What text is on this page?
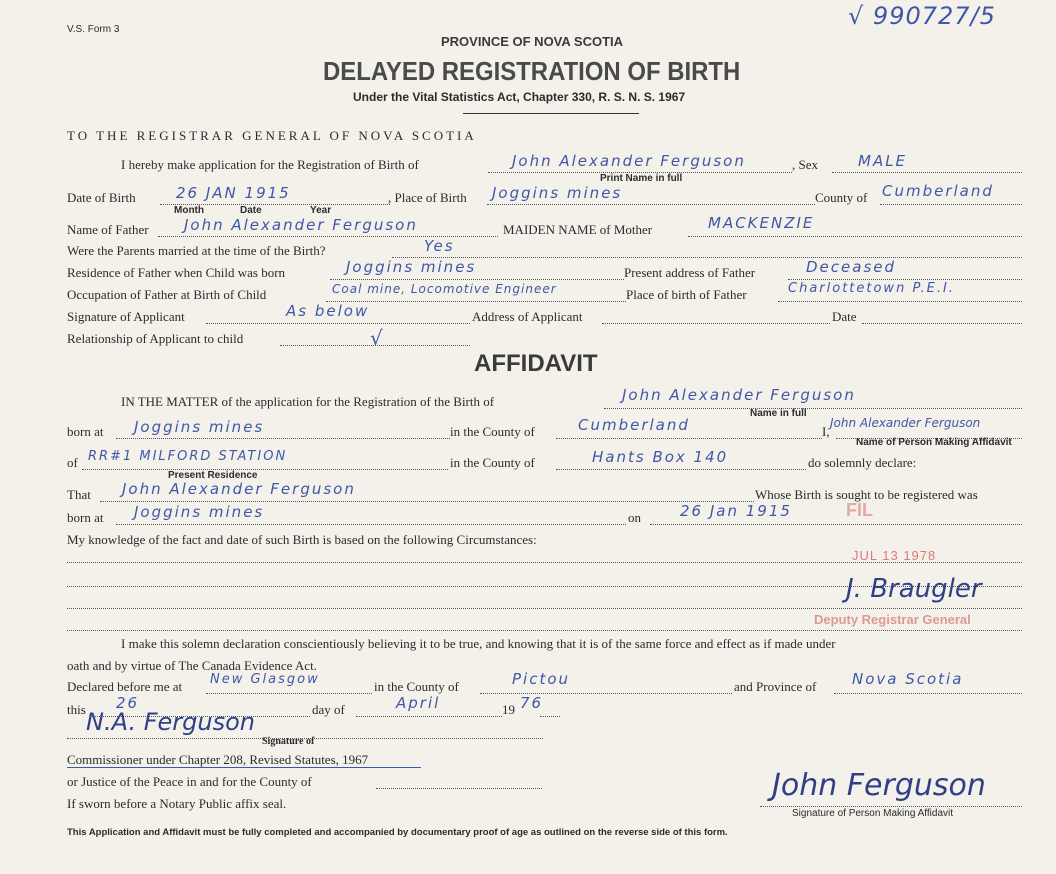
V.S. Form 3	√ 990727/5
PROVINCE OF NOVA SCOTIA
DELAYED REGISTRATION OF BIRTH
Under the Vital Statistics Act, Chapter 330, R. S. N. S. 1967
TO THE REGISTRAR GENERAL OF NOVA SCOTIA
I hereby make application for the Registration of Birth of	John Alexander Ferguson
Print Name in full
, Sex	MALE
Date of Birth	26 JAN 1915
Month	Date	Year
, Place of Birth Joggins mines	County of Cumberland
Name of Father John Alexander Ferguson	MAIDEN NAME of Mother	MACKENZIE
Were the Parents married at the time of the Birth?	Yes
Residence of Father when Child was born	Joggins mines	Present address of Father	Deceased
Occupation of Father at Birth of Child	Coal mine, Locomotive Engineer	Place of birth of Father	Charlottetown P.E.I.
Signature of Applicant	As below	Address of Applicant	Date
Relationship of Applicant to child	√
AFFIDAVIT
IN THE MATTER of the application for the Registration of the Birth of	John Alexander Ferguson
Name in full
born at Joggins mines	in the County of	Cumberland	I,
John Alexander Ferguson
Name of Person Making Affidavit
of RR#1 MILFORD STATION
Present Residence
in the County of	Hants Box 140	do solemnly declare:
That John Alexander Ferguson	Whose Birth is sought to be registered was
born at Joggins mines	on	26 Jan 1915	FIL
My knowledge of the fact and date of such Birth is based on the following Circumstances:
JUL 13 1978
J. Braugler
Deputy Registrar General
I make this solemn declaration conscientiously believing it to be true, and knowing that it is of the same force and effect as if made under
oath and by virtue of The Canada Evidence Act.
Declared before me at New Glasgow	in the County of	Pictou	and Province of Nova Scotia
this 26	day of	April	19 76
N.A. Ferguson
Signature of
Commissioner under Chapter 208, Revised Statutes, 1967
or Justice of the Peace in and for the County of
If sworn before a Notary Public affix seal.
John Ferguson
Signature of Person Making Affidavit
This Application and Affidavit must be fully completed and accompanied by documentary proof of age as outlined on the reverse side of this form.
